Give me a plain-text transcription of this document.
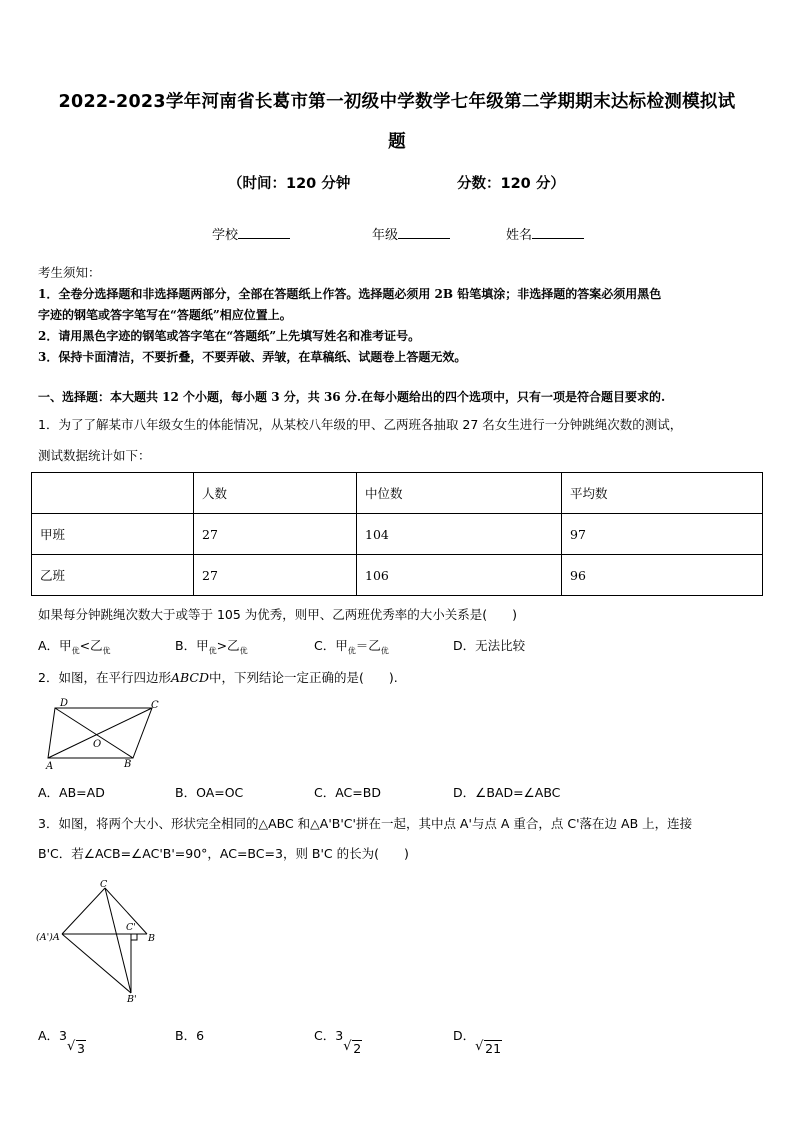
2022-2023学年河南省长葛市第一初级中学数学七年级第二学期期末达标检测模拟试
题
（时间：120 分钟	分数：120 分）
学校	年级	姓名
考生须知：
1．全卷分选择题和非选择题两部分，全部在答题纸上作答。选择题必须用 2B 铅笔填涂；非选择题的答案必须用黑色
字迹的钢笔或答字笔写在“答题纸”相应位置上。
2．请用黑色字迹的钢笔或答字笔在“答题纸”上先填写姓名和准考证号。
3．保持卡面清洁，不要折叠，不要弄破、弄皱，在草稿纸、试题卷上答题无效。
一、选择题：本大题共 12 个小题，每小题 3 分，共 36 分.在每小题给出的四个选项中，只有一项是符合题目要求的.
1．为了了解某市八年级女生的体能情况，从某校八年级的甲、乙两班各抽取 27 名女生进行一分钟跳绳次数的测试，
测试数据统计如下：
	人数	中位数	平均数
甲班	27	104	97
乙班	27	106	96
如果每分钟跳绳次数大于或等于 105 为优秀，则甲、乙两班优秀率的大小关系是(　　)
A．甲$_优$<乙$_优$	B．甲$_优$>乙$_优$	C．甲$_优$＝乙$_优$	D．无法比较
2．如图，在平行四边形ABCD中，下列结论一定正确的是(　　).
D	C
O
A	B
A．AB=AD	B．OA=OC	C．AC=BD	D．∠BAD=∠ABC
3．如图，将两个大小、形状完全相同的△ABC 和△A'B'C'拼在一起，其中点 A'与点 A 重合，点 C'落在边 AB 上，连接
B'C．若∠ACB=∠AC'B'=90°，AC=BC=3，则 B'C 的长为(　　)
C
(A')A
C'
B
B'
A．3
3
B．6	C．3
2
D．
21
